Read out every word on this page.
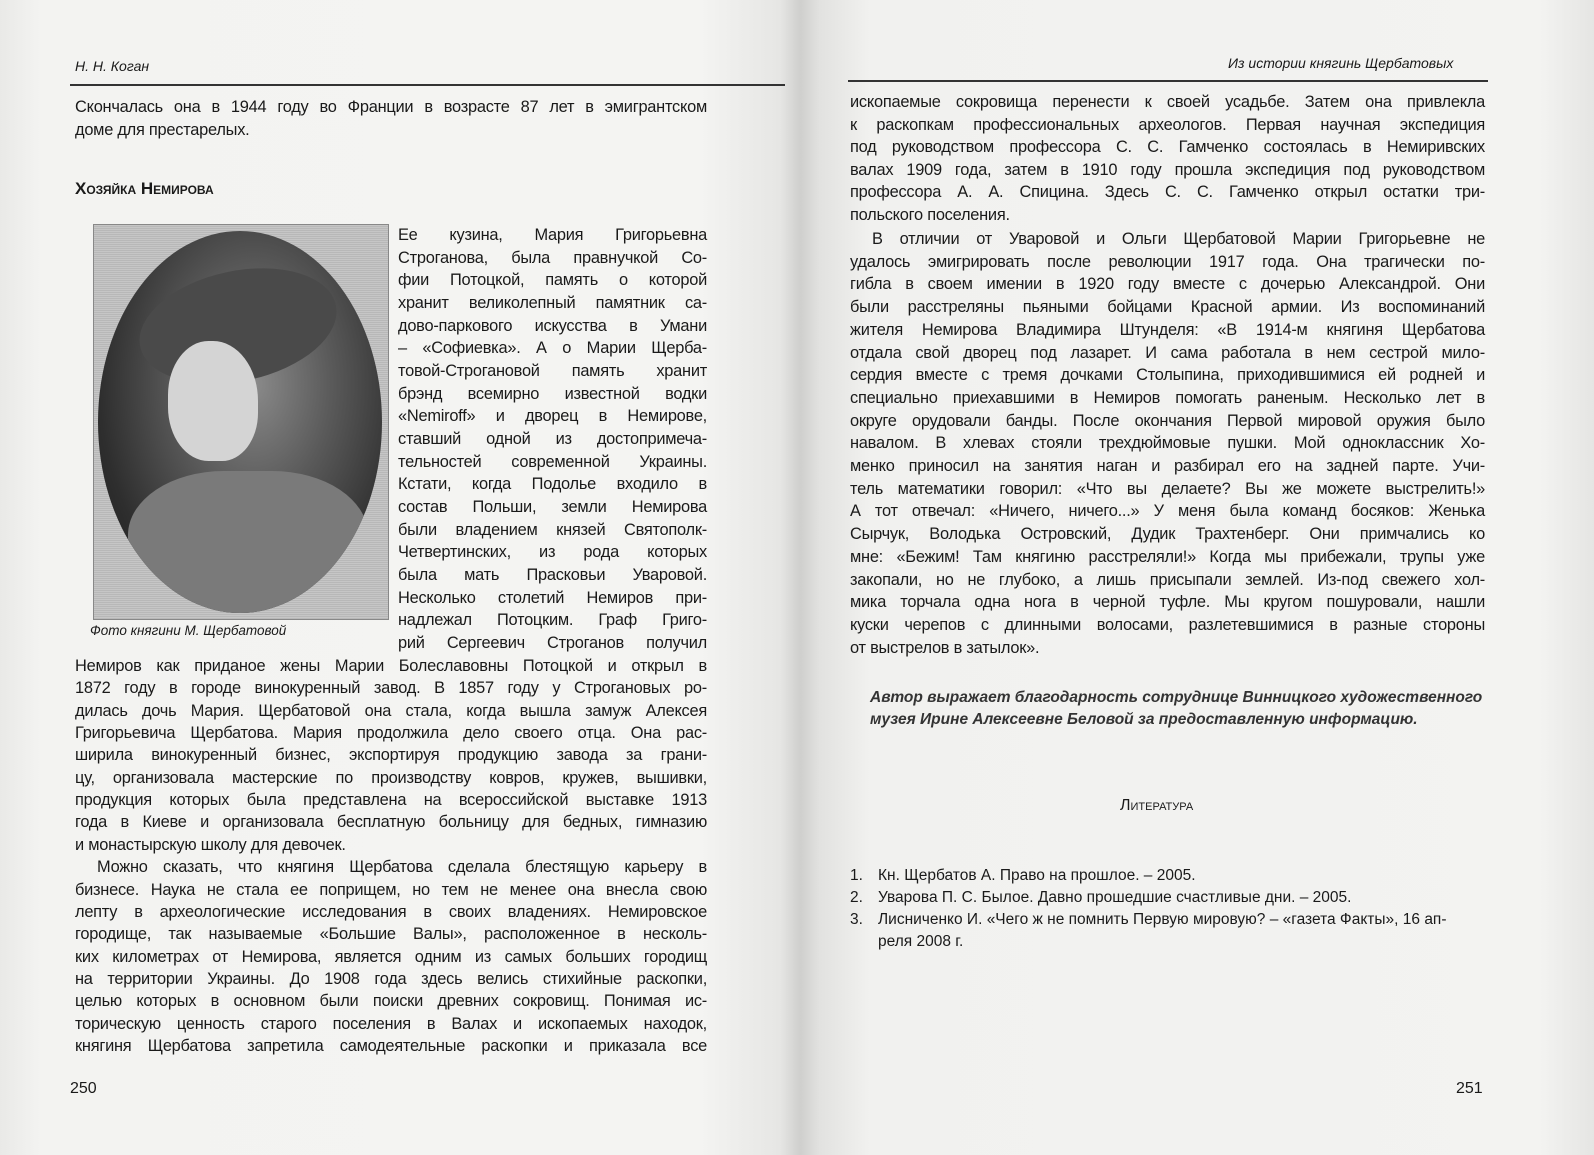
Н. Н. Коган
Скончалась она в 1944 году во Франции в возрасте 87 лет в эмигрантском
доме для престарелых.
Хозяйка Немирова
Фото княгини М. Щербатовой
Ее кузина, Мария Григорьевна
Строганова, была правнучкой Со-
фии Потоцкой, память о которой
хранит великолепный памятник са-
дово-паркового искусства в Умани
– «Софиевка». А о Марии Щерба-
товой-Строгановой память хранит
брэнд всемирно известной водки
«Nemiroff» и дворец в Немирове,
ставший одной из достопримеча-
тельностей современной Украины.
Кстати, когда Подолье входило в
состав Польши, земли Немирова
были владением князей Святополк-
Четвертинских, из рода которых
была мать Прасковьи Уваровой.
Несколько столетий Немиров при-
надлежал Потоцким. Граф Григо-
рий Сергеевич Строганов получил
Немиров как приданое жены Марии Болеславовны Потоцкой и открыл в
1872 году в городе винокуренный завод. В 1857 году у Строгановых ро-
дилась дочь Мария. Щербатовой она стала, когда вышла замуж Алексея
Григорьевича Щербатова. Мария продолжила дело своего отца. Она рас-
ширила винокуренный бизнес, экспортируя продукцию завода за грани-
цу, организовала мастерские по производству ковров, кружев, вышивки,
продукция которых была представлена на всероссийской выставке 1913
года в Киеве и организовала бесплатную больницу для бедных, гимназию
и монастырскую школу для девочек.
Можно сказать, что княгиня Щербатова сделала блестящую карьеру в
бизнесе. Наука не стала ее поприщем, но тем не менее она внесла свою
лепту в археологические исследования в своих владениях. Немировское
городище, так называемые «Большие Валы», расположенное в несколь-
ких километрах от Немирова, является одним из самых больших городищ
на территории Украины. До 1908 года здесь велись стихийные раскопки,
целью которых в основном были поиски древних сокровищ. Понимая ис-
торическую ценность старого поселения в Валах и ископаемых находок,
княгиня Щербатова запретила самодеятельные раскопки и приказала все
250
Из истории княгинь Щербатовых
ископаемые сокровища перенести к своей усадьбе. Затем она привлекла
к раскопкам профессиональных археологов. Первая научная экспедиция
под руководством профессора С. С. Гамченко состоялась в Немиривских
валах 1909 года, затем в 1910 году прошла экспедиция под руководством
профессора А. А. Спицина. Здесь С. С. Гамченко открыл остатки три-
польского поселения.
В отличии от Уваровой и Ольги Щербатовой Марии Григорьевне не
удалось эмигрировать после революции 1917 года. Она трагически по-
гибла в своем имении в 1920 году вместе с дочерью Александрой. Они
были расстреляны пьяными бойцами Красной армии. Из воспоминаний
жителя Немирова Владимира Штунделя: «В 1914-м княгиня Щербатова
отдала свой дворец под лазарет. И сама работала в нем сестрой мило-
сердия вместе с тремя дочками Столыпина, приходившимися ей родней и
специально приехавшими в Немиров помогать раненым. Несколько лет в
округе орудовали банды. После окончания Первой мировой оружия было
навалом. В хлевах стояли трехдюймовые пушки. Мой одноклассник Хо-
менко приносил на занятия наган и разбирал его на задней парте. Учи-
тель математики говорил: «Что вы делаете? Вы же можете выстрелить!»
А тот отвечал: «Ничего, ничего...» У меня была команд босяков: Женька
Сырчук, Володька Островский, Дудик Трахтенберг. Они примчались ко
мне: «Бежим! Там княгиню расстреляли!» Когда мы прибежали, трупы уже
закопали, но не глубоко, а лишь присыпали землей. Из-под свежего хол-
мика торчала одна нога в черной туфле. Мы кругом пошуровали, нашли
куски черепов с длинными волосами, разлетевшимися в разные стороны
от выстрелов в затылок».
Автор выражает благодарность сотруднице Винницкого художественного
музея Ирине Алексеевне Беловой за предоставленную информацию.
Литература
1. Кн. Щербатов А. Право на прошлое. – 2005.
2. Уварова П. С. Былое. Давно прошедшие счастливые дни. – 2005.
3. Лисниченко И. «Чего ж не помнить Первую мировую? – «газета Факты», 16 ап-
реля 2008 г.
251
